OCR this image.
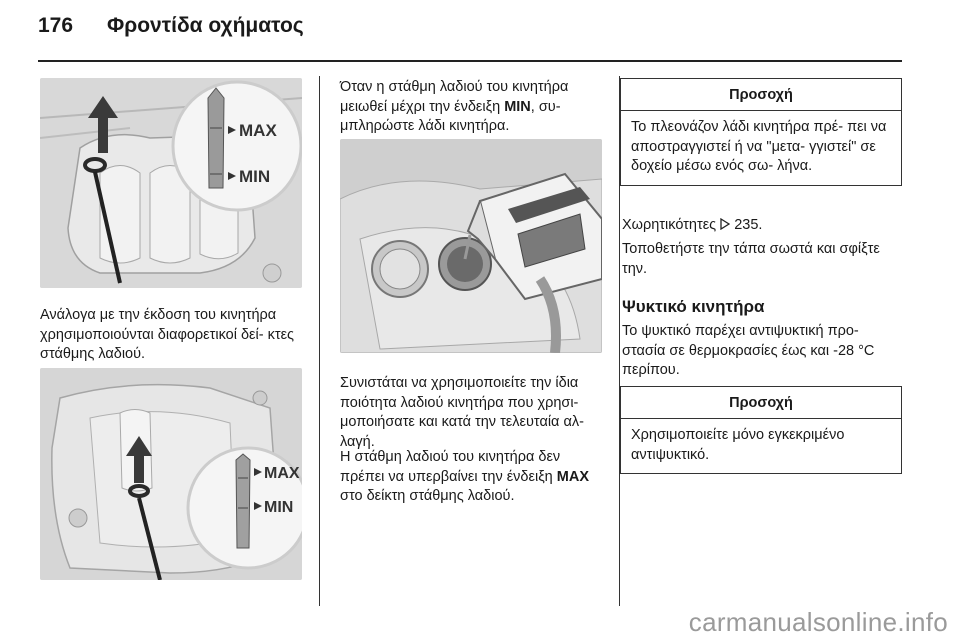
176 Φροντίδα οχήματος
MAX
MIN
Ανάλογα με την έκδοση του κινητήρα χρησιμοποιούνται διαφορετικοί δεί- κτες στάθμης λαδιού.
MAX
MIN
Όταν η στάθμη λαδιού του κινητήρα μειωθεί μέχρι την ένδειξη MIN, συ- μπληρώστε λάδι κινητήρα.
Συνιστάται να χρησιμοποιείτε την ίδια ποιότητα λαδιού κινητήρα που χρησι- μοποιήσατε και κατά την τελευταία αλ- λαγή.
Η στάθμη λαδιού του κινητήρα δεν πρέπει να υπερβαίνει την ένδειξη MAX στο δείκτη στάθμης λαδιού.
Προσοχή
Το πλεονάζον λάδι κινητήρα πρέ- πει να αποστραγγιστεί ή να "μετα- γγιστεί" σε δοχείο μέσω ενός σω- λήνα.
Χωρητικότητες 235.
Τοποθετήστε την τάπα σωστά και σφίξτε την.
Ψυκτικό κινητήρα
Το ψυκτικό παρέχει αντιψυκτική προ- στασία σε θερμοκρασίες έως και -28 °C περίπου.
Προσοχή
Χρησιμοποιείτε μόνο εγκεκριμένο αντιψυκτικό.
carmanualsonline.info
